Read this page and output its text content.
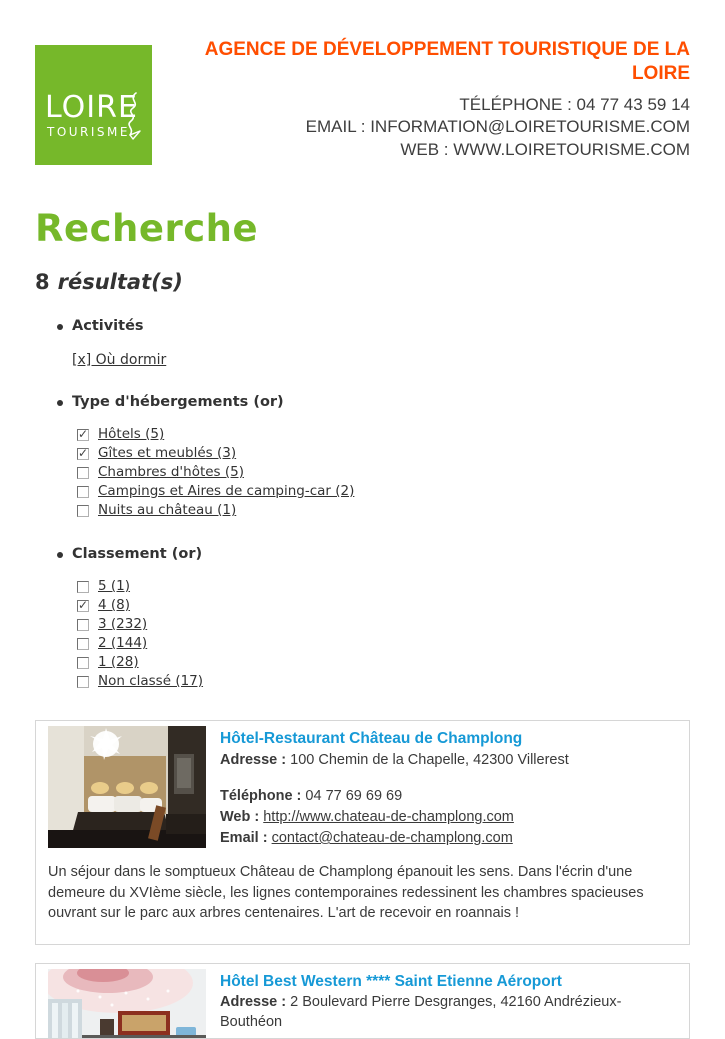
LOIRE
TOURISME
AGENCE DE DÉVELOPPEMENT TOURISTIQUE DE LA LOIRE
TÉLÉPHONE : 04 77 43 59 14
EMAIL : INFORMATION@LOIRETOURISME.COM
WEB : WWW.LOIRETOURISME.COM
Recherche
8 résultat(s)
Activités
[x] Où dormir
Type d'hébergements (or)
✓
Hôtels (5)
✓
Gîtes et meublés (3)
Chambres d'hôtes (5)
Campings et Aires de camping-car (2)
Nuits au château (1)
Classement (or)
5 (1)
✓
4 (8)
3 (232)
2 (144)
1 (28)
Non classé (17)
Hôtel-Restaurant Château de Champlong
Adresse : 100 Chemin de la Chapelle, 42300 Villerest
Téléphone : 04 77 69 69 69
Web : http://www.chateau-de-champlong.com
Email : contact@chateau-de-champlong.com
Un séjour dans le somptueux Château de Champlong épanouit les sens. Dans l'écrin d'une demeure du XVIème siècle, les lignes contemporaines redessinent les chambres spacieuses ouvrant sur le parc aux arbres centenaires. L'art de recevoir en roannais !
Hôtel Best Western **** Saint Etienne Aéroport
Adresse : 2 Boulevard Pierre Desgranges, 42160 Andrézieux-Bouthéon
